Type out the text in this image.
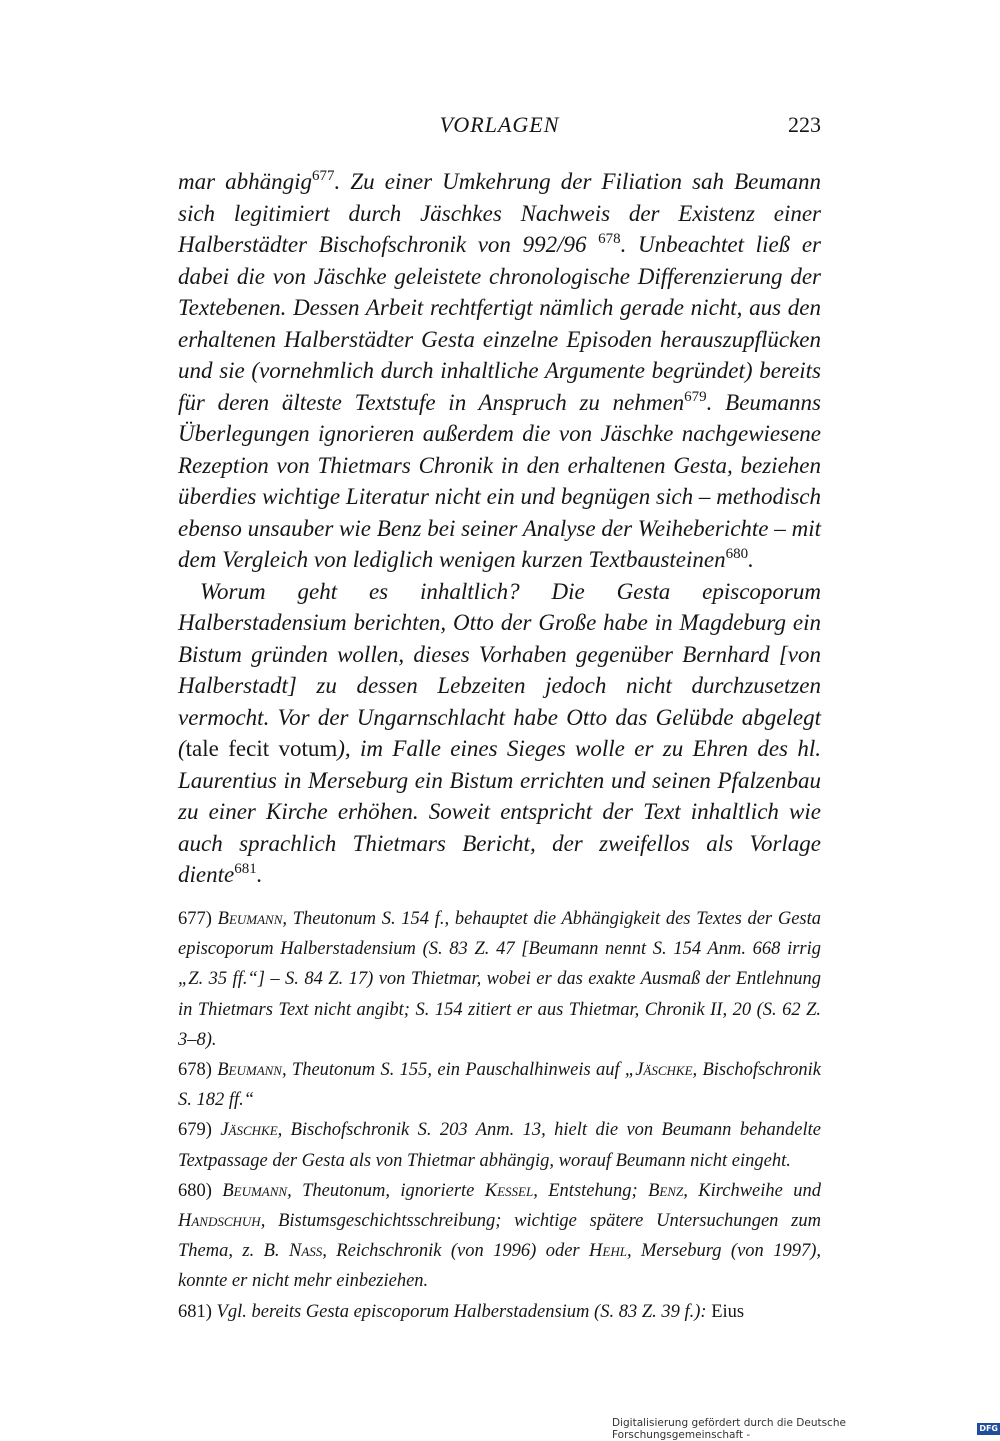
VORLAGEN	223

mar abhängig$^{677}$. Zu einer Umkehrung der Filiation sah Beumann sich legitimiert durch Jäschkes Nachweis der Existenz einer Halberstädter Bischofschronik von 992/96 $^{678}$. Unbeachtet ließ er dabei die von Jäschke geleistete chronologische Differenzierung der Textebenen. Dessen Arbeit rechtfertigt nämlich gerade nicht, aus den erhaltenen Halberstädter Gesta einzelne Episoden herauszupflücken und sie (vornehmlich durch inhaltliche Argumente begründet) bereits für deren älteste Textstufe in Anspruch zu nehmen$^{679}$. Beumanns Überlegungen ignorieren außerdem die von Jäschke nachgewiesene Rezeption von Thietmars Chronik in den erhaltenen Gesta, beziehen überdies wichtige Literatur nicht ein und begnügen sich – methodisch ebenso unsauber wie Benz bei seiner Analyse der Weiheberichte – mit dem Vergleich von lediglich wenigen kurzen Textbausteinen$^{680}$.

Worum geht es inhaltlich? Die Gesta episcoporum Halberstadensium berichten, Otto der Große habe in Magdeburg ein Bistum gründen wollen, dieses Vorhaben gegenüber Bernhard [von Halberstadt] zu dessen Lebzeiten jedoch nicht durchzusetzen vermocht. Vor der Ungarnschlacht habe Otto das Gelübde abgelegt (tale fecit votum), im Falle eines Sieges wolle er zu Ehren des hl. Laurentius in Merseburg ein Bistum errichten und seinen Pfalzenbau zu einer Kirche erhöhen. Soweit entspricht der Text inhaltlich wie auch sprachlich Thietmars Bericht, der zweifellos als Vorlage diente$^{681}$.

677) Beumann, Theutonum S. 154 f., behauptet die Abhängigkeit des Textes der Gesta episcoporum Halberstadensium (S. 83 Z. 47 [Beumann nennt S. 154 Anm. 668 irrig „Z. 35 ff.“] – S. 84 Z. 17) von Thietmar, wobei er das exakte Ausmaß der Entlehnung in Thietmars Text nicht angibt; S. 154 zitiert er aus Thietmar, Chronik II, 20 (S. 62 Z. 3–8).

678) Beumann, Theutonum S. 155, ein Pauschalhinweis auf „Jäschke, Bischofschronik S. 182 ff.“

679) Jäschke, Bischofschronik S. 203 Anm. 13, hielt die von Beumann behandelte Textpassage der Gesta als von Thietmar abhängig, worauf Beumann nicht eingeht.

680) Beumann, Theutonum, ignorierte Kessel, Entstehung; Benz, Kirchweihe und Handschuh, Bistumsgeschichtsschreibung; wichtige spätere Untersuchungen zum Thema, z. B. Nass, Reichschronik (von 1996) oder Hehl, Merseburg (von 1997), konnte er nicht mehr einbeziehen.

681) Vgl. bereits Gesta episcoporum Halberstadensium (S. 83 Z. 39 f.): Eius

Digitalisierung gefördert durch die Deutsche Forschungsgemeinschaft -
DFG
